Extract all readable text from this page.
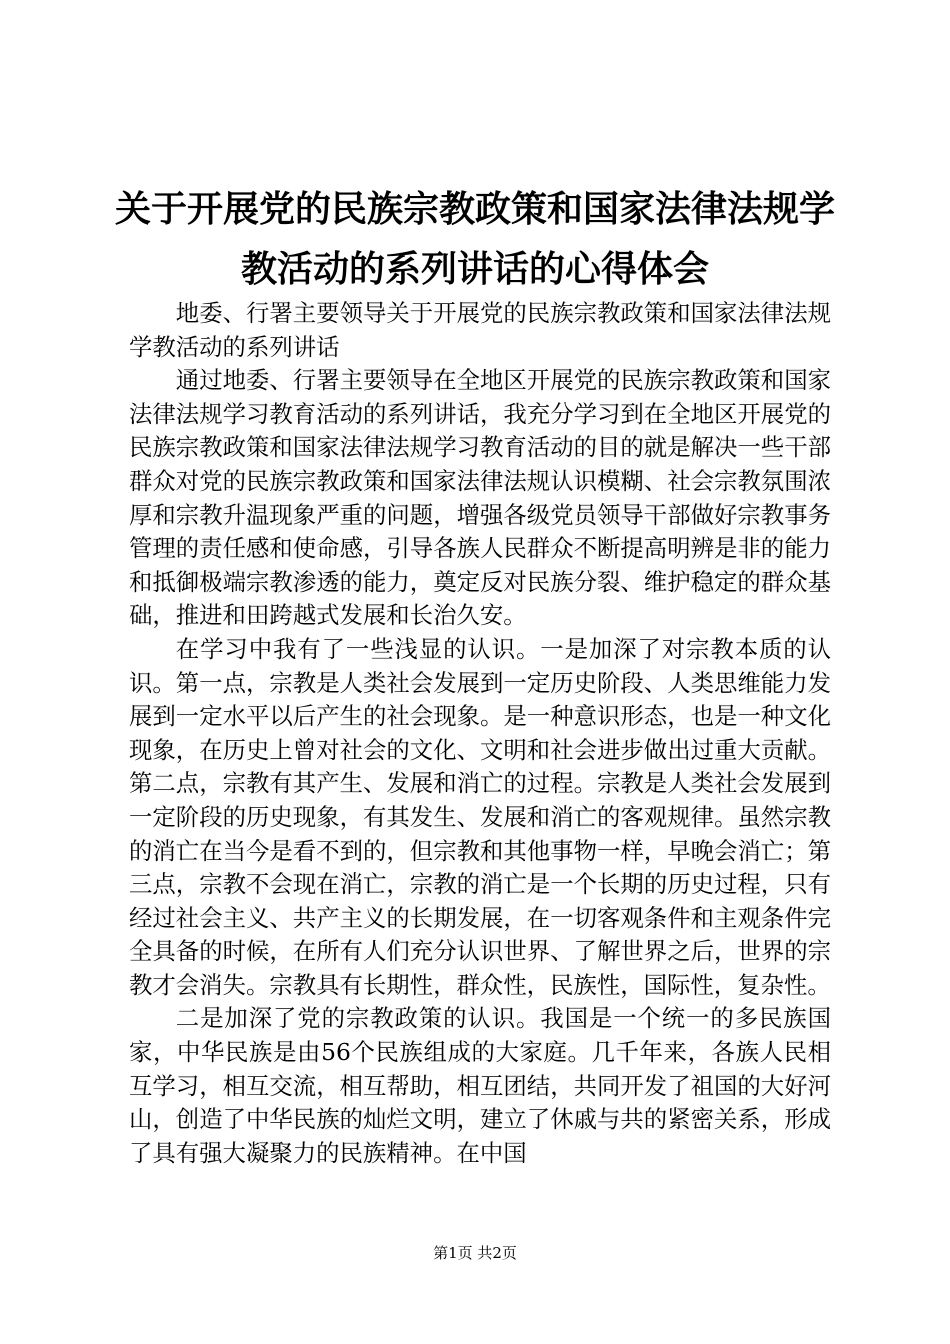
关于开展党的民族宗教政策和国家法律法规学
教活动的系列讲话的心得体会

地委、行署主要领导关于开展党的民族宗教政策和国家法律法规学教活动的系列讲话

通过地委、行署主要领导在全地区开展党的民族宗教政策和国家法律法规学习教育活动的系列讲话，我充分学习到在全地区开展党的民族宗教政策和国家法律法规学习教育活动的目的就是解决一些干部群众对党的民族宗教政策和国家法律法规认识模糊、社会宗教氛围浓厚和宗教升温现象严重的问题，增强各级党员领导干部做好宗教事务管理的责任感和使命感，引导各族人民群众不断提高明辨是非的能力和抵御极端宗教渗透的能力，奠定反对民族分裂、维护稳定的群众基础，推进和田跨越式发展和长治久安。

在学习中我有了一些浅显的认识。一是加深了对宗教本质的认识。第一点，宗教是人类社会发展到一定历史阶段、人类思维能力发展到一定水平以后产生的社会现象。是一种意识形态，也是一种文化现象，在历史上曾对社会的文化、文明和社会进步做出过重大贡献。第二点，宗教有其产生、发展和消亡的过程。宗教是人类社会发展到一定阶段的历史现象，有其发生、发展和消亡的客观规律。虽然宗教的消亡在当今是看不到的，但宗教和其他事物一样，早晚会消亡；第三点，宗教不会现在消亡，宗教的消亡是一个长期的历史过程，只有经过社会主义、共产主义的长期发展，在一切客观条件和主观条件完全具备的时候，在所有人们充分认识世界、了解世界之后，世界的宗教才会消失。宗教具有长期性，群众性，民族性，国际性，复杂性。

二是加深了党的宗教政策的认识。我国是一个统一的多民族国家，中华民族是由56个民族组成的大家庭。几千年来，各族人民相互学习，相互交流，相互帮助，相互团结，共同开发了祖国的大好河山，创造了中华民族的灿烂文明，建立了休戚与共的紧密关系，形成了具有强大凝聚力的民族精神。在中国

第1页 共2页
